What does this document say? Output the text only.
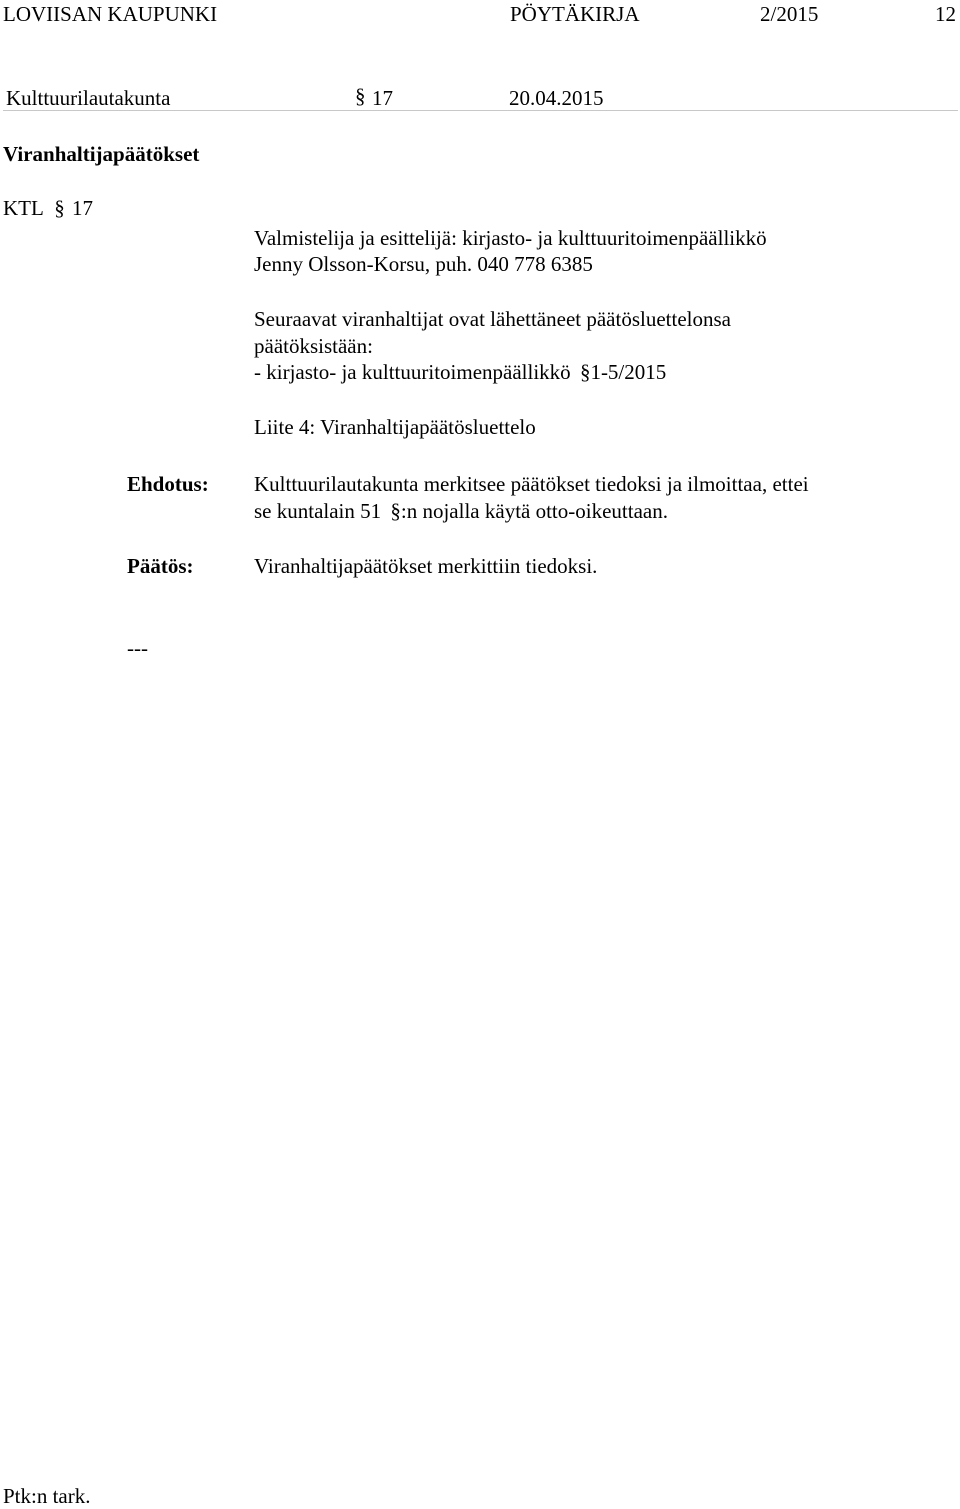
LOVIISAN KAUPUNKI	PÖYTÄKIRJA	2/2015	12
Kulttuurilautakunta	§ 17	20.04.2015
Viranhaltijapäätökset
KTL § 17
Valmistelija ja esittelijä: kirjasto- ja kulttuuritoimenpäällikkö
Jenny Olsson-Korsu, puh. 040 778 6385
Seuraavat viranhaltijat ovat lähettäneet päätösluettelonsa
päätöksistään:
- kirjasto- ja kulttuuritoimenpäällikkö §1-5/2015
Liite 4: Viranhaltijapäätösluettelo
Ehdotus: Kulttuurilautakunta merkitsee päätökset tiedoksi ja ilmoittaa, ettei
se kuntalain 51 §:n nojalla käytä otto-oikeuttaan.
Päätös:	Viranhaltijapäätökset merkittiin tiedoksi.
---
Ptk:n tark.
